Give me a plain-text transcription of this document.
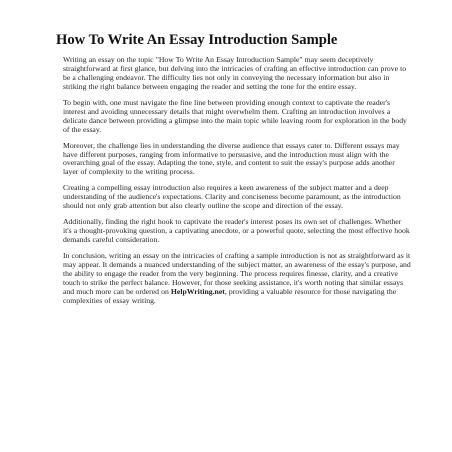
How To Write An Essay Introduction Sample

Writing an essay on the topic "How To Write An Essay Introduction Sample" may seem deceptively straightforward at first glance, but delving into the intricacies of crafting an effective introduction can prove to be a challenging endeavor. The difficulty lies not only in conveying the necessary information but also in striking the right balance between engaging the reader and setting the tone for the entire essay.

To begin with, one must navigate the fine line between providing enough context to captivate the reader's interest and avoiding unnecessary details that might overwhelm them. Crafting an introduction involves a delicate dance between providing a glimpse into the main topic while leaving room for exploration in the body of the essay.

Moreover, the challenge lies in understanding the diverse audience that essays cater to. Different essays may have different purposes, ranging from informative to persuasive, and the introduction must align with the overarching goal of the essay. Adapting the tone, style, and content to suit the essay's purpose adds another layer of complexity to the writing process.

Creating a compelling essay introduction also requires a keen awareness of the subject matter and a deep understanding of the audience's expectations. Clarity and conciseness become paramount, as the introduction should not only grab attention but also clearly outline the scope and direction of the essay.

Additionally, finding the right hook to captivate the reader's interest poses its own set of challenges. Whether it's a thought-provoking question, a captivating anecdote, or a powerful quote, selecting the most effective hook demands careful consideration.

In conclusion, writing an essay on the intricacies of crafting a sample introduction is not as straightforward as it may appear. It demands a nuanced understanding of the subject matter, an awareness of the essay's purpose, and the ability to engage the reader from the very beginning. The process requires finesse, clarity, and a creative touch to strike the perfect balance. However, for those seeking assistance, it's worth noting that similar essays and much more can be ordered on HelpWriting.net, providing a valuable resource for those navigating the complexities of essay writing.
